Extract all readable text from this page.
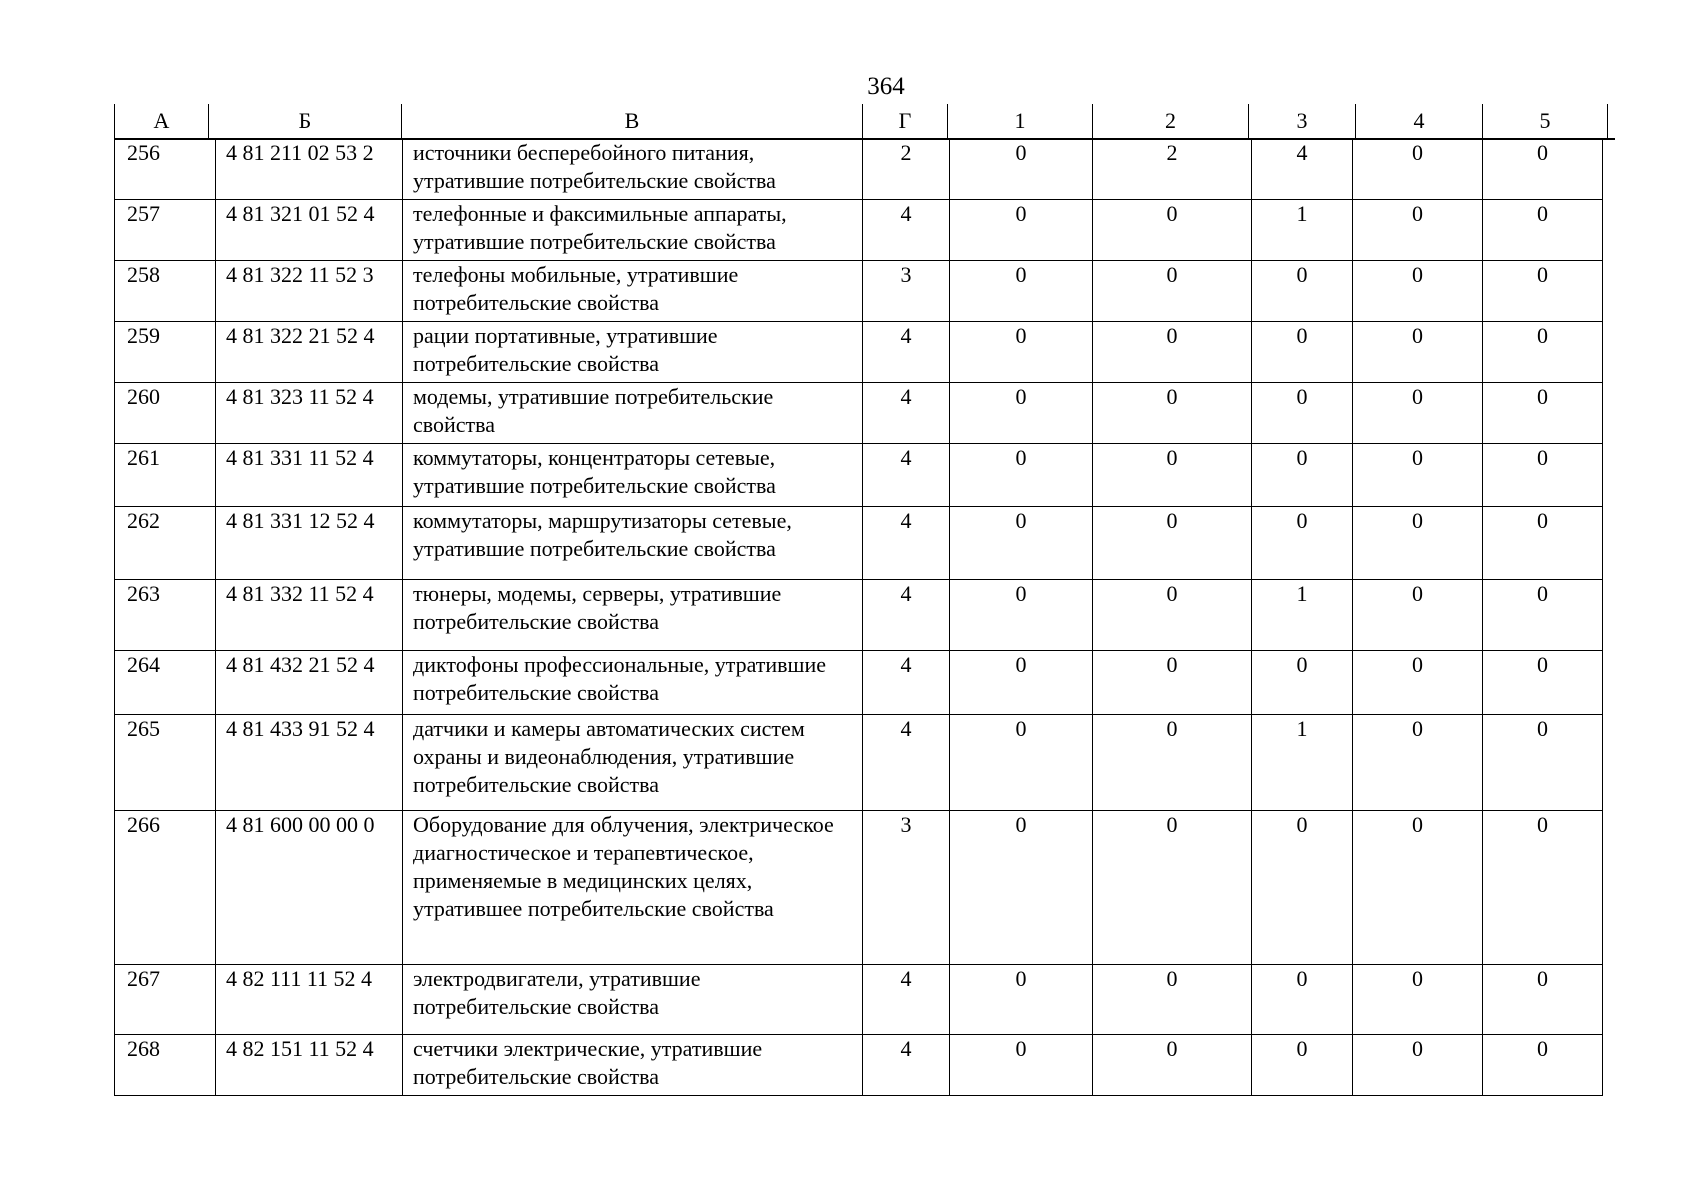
364
А	Б	В	Г	1	2	3	4	5
256	4 81 211 02 53 2	источники бесперебойного питания, утратившие потребительские свойства	2	0	2	4	0	0
257	4 81 321 01 52 4	телефонные и факсимильные аппараты, утратившие потребительские свойства	4	0	0	1	0	0
258	4 81 322 11 52 3	телефоны мобильные, утратившие потребительские свойства	3	0	0	0	0	0
259	4 81 322 21 52 4	рации портативные, утратившие потребительские свойства	4	0	0	0	0	0
260	4 81 323 11 52 4	модемы, утратившие потребительские свойства	4	0	0	0	0	0
261	4 81 331 11 52 4	коммутаторы, концентраторы сетевые, утратившие потребительские свойства	4	0	0	0	0	0
262	4 81 331 12 52 4	коммутаторы, маршрутизаторы сетевые, утратившие потребительские свойства	4	0	0	0	0	0
263	4 81 332 11 52 4	тюнеры, модемы, серверы, утратившие потребительские свойства	4	0	0	1	0	0
264	4 81 432 21 52 4	диктофоны профессиональные, утратившие потребительские свойства	4	0	0	0	0	0
265	4 81 433 91 52 4	датчики и камеры автоматических систем охраны и видеонаблюдения, утратившие потребительские свойства	4	0	0	1	0	0
266	4 81 600 00 00 0	Оборудование для облучения, электрическое диагностическое и терапевтическое, применяемые в медицинских целях, утратившее потребительские свойства	3	0	0	0	0	0
267	4 82 111 11 52 4	электродвигатели, утратившие потребительские свойства	4	0	0	0	0	0
268	4 82 151 11 52 4	счетчики электрические, утратившие потребительские свойства	4	0	0	0	0	0
